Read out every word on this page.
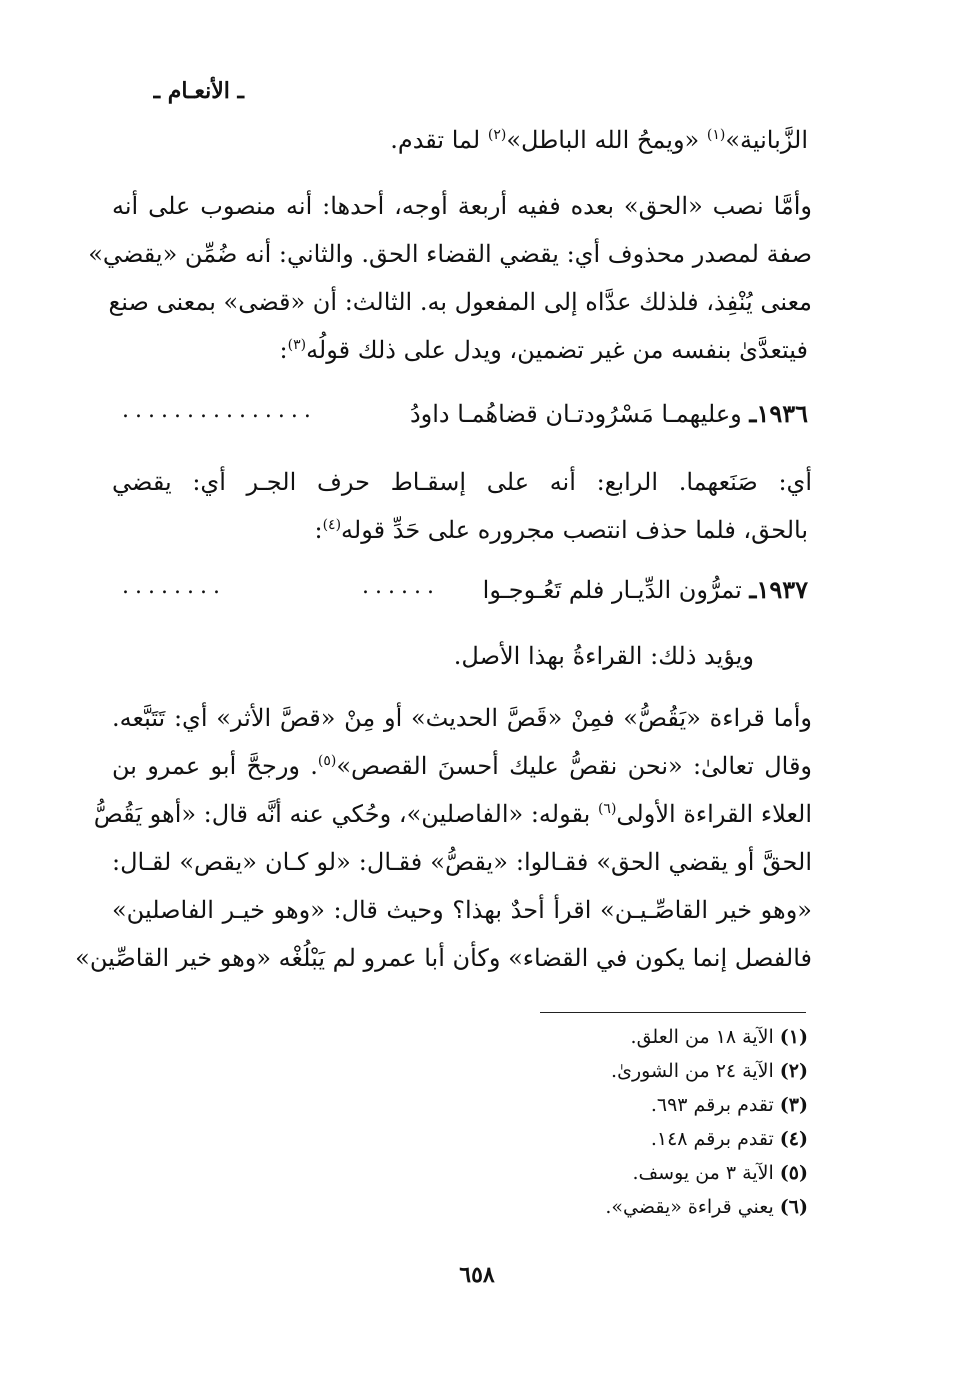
ـ الأنعـام ـ
الزَّبانية»$^{(١)}$ «ويمحُ الله الباطل»$^{(٢)}$ لما تقدم.
وأمَّا نصب «الحق» بعده ففيه أربعة أوجه، أحدها: أنه منصوب على أنه
صفة لمصدر محذوف أي: يقضي القضاء الحق. والثاني: أنه ضُمِّن «يقضي»
معنى يُنْفِذ، فلذلك عدَّاه إلى المفعول به. الثالث: أن «قضى» بمعنى صنع
فيتعدَّىٰ بنفسه من غير تضمين، ويدل على ذلك قولُه$^{(٣)}$:
١٩٣٦ـ وعليهمـا مَسْرُودتـان قضاهُمـا داودُ
...............
أي: صَنَعهما. الرابع: أنه على إسقـاط حرف الجـر أي: يقضي
بالحق، فلما حذف انتصب مجروره على حَدِّ قوله$^{(٤)}$:
١٩٣٧ـ تمرُّون الدِّيـار فلم تَعُـوجـوا
......
........
ويؤيد ذلك: القراءةُ بهذا الأصل.
وأما قراءة «يَقُصُّ» فمِنْ «قَصَّ الحديث» أو مِنْ «قصَّ الأثر» أي: تَتَبَّعه.
وقال تعالىٰ: «نحن نقصُّ عليك أحسنَ القصص»$^{(٥)}$. ورجحَّ أبو عمرو بن
العلاء القراءة الأولى$^{(٦)}$ بقوله: «الفاصلين»، وحُكي عنه أنَّه قال: «أهو يَقُصُّ
الحقَّ أو يقضي الحق» فقـالوا: «يقصُّ» فقـال: «لو كـان «يقص» لقـال:
«وهو خير القاصِّـيـن» اقرأ أحدٌ بهذا؟ وحيث قال: «وهو خيـر الفاصلين»
فالفصل إنما يكون في القضاء» وكأن أبا عمرو لم يَبْلُغْه «وهو خير القاصِّين»
(١) الآية ١٨ من العلق.
(٢) الآية ٢٤ من الشورىٰ.
(٣) تقدم برقم ٦٩٣.
(٤) تقدم برقم ١٤٨.
(٥) الآية ٣ من يوسف.
(٦) يعني قراءة «يقضي».
٦٥٨
